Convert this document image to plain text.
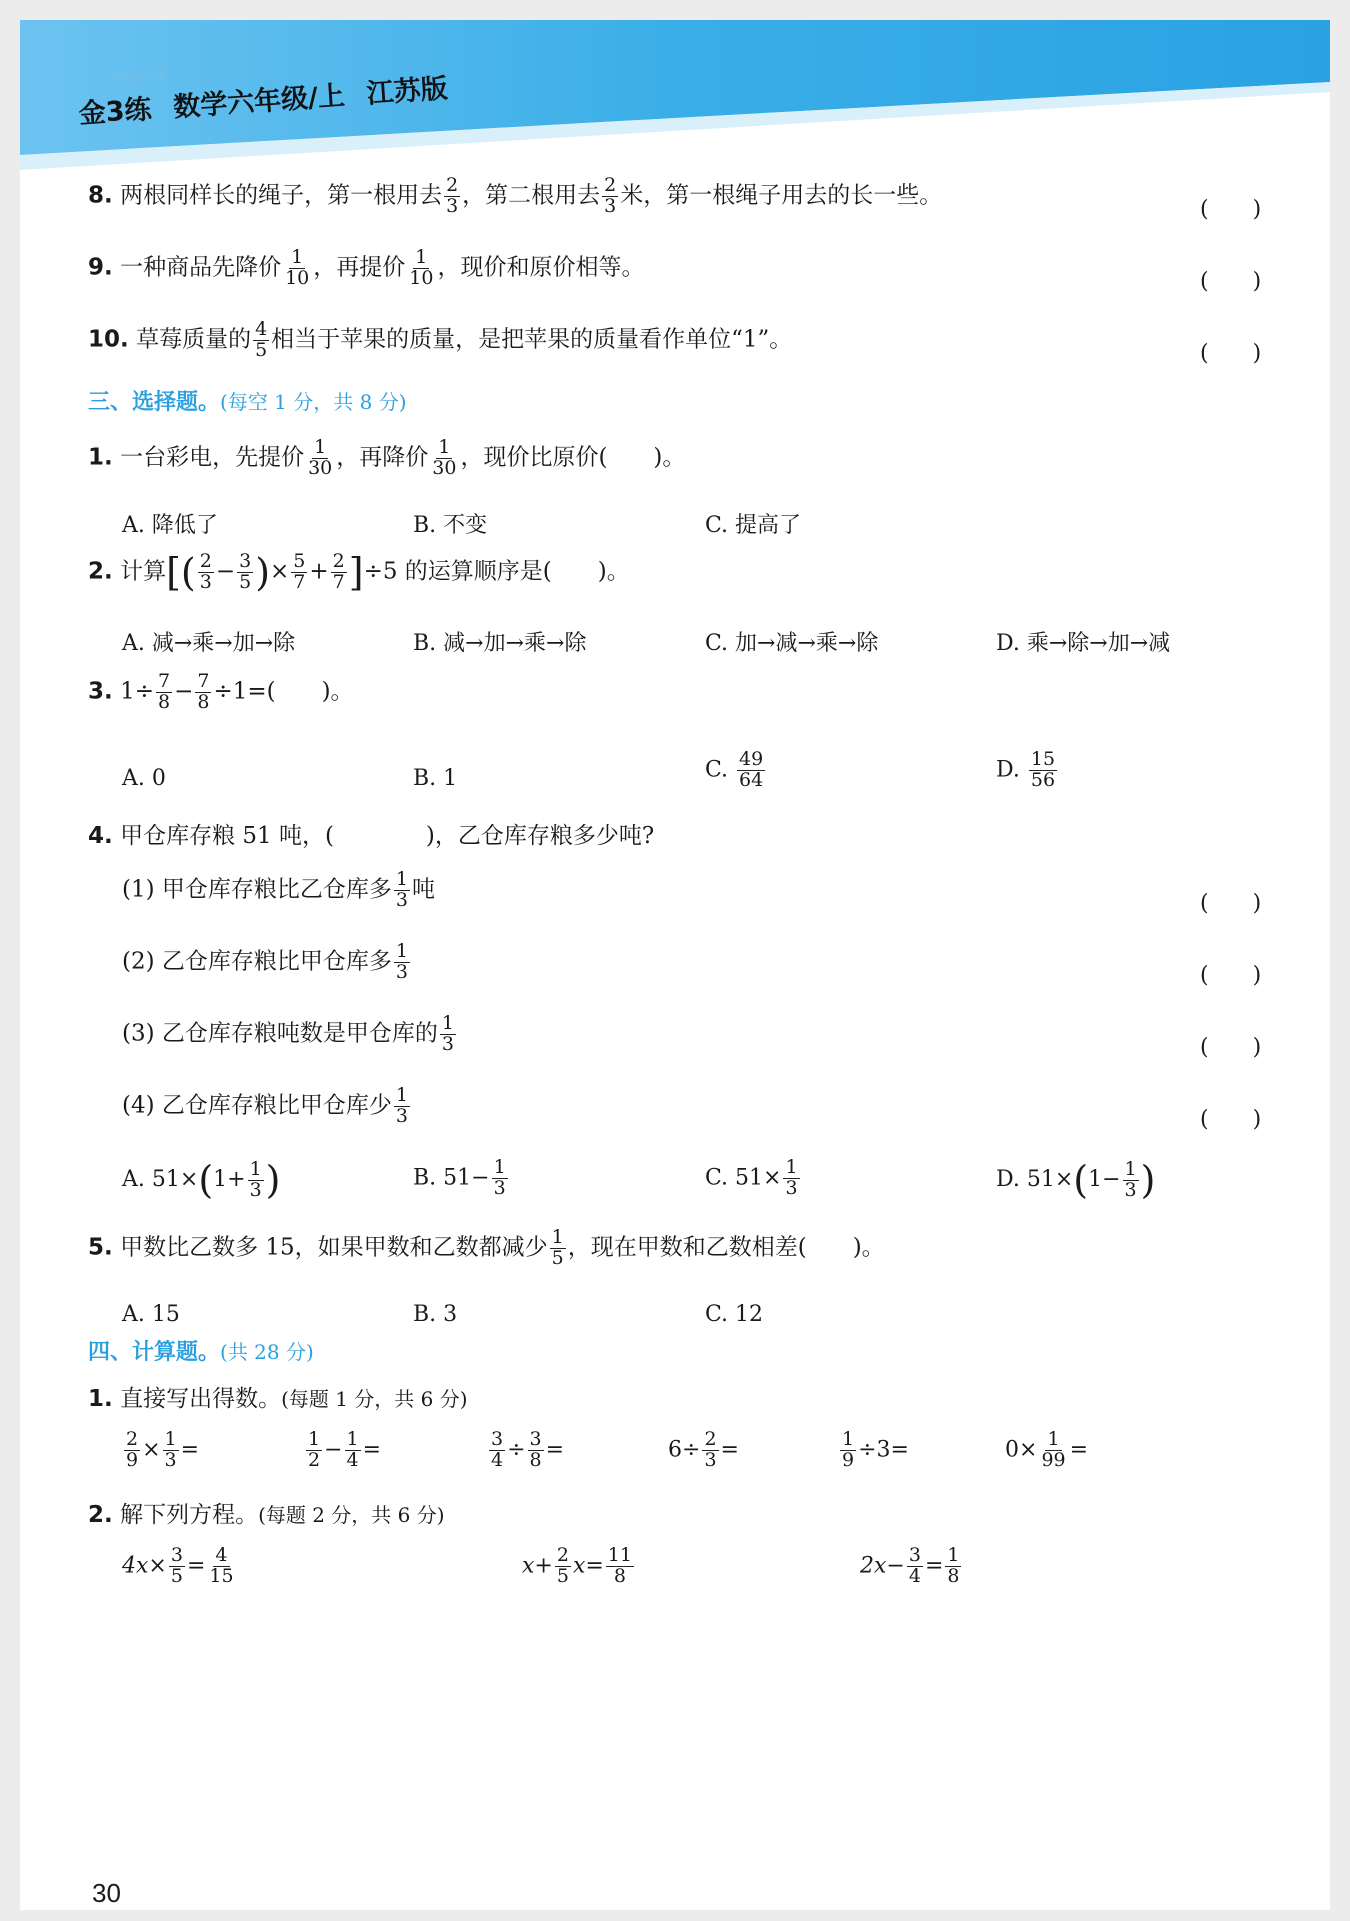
解题提示助
金3练 数学六年级/上 江苏版
8. 两根同样长的绳子，第一根用去 $\frac{2}{3}$ ，第二根用去 $\frac{2}{3}$ 米，第一根绳子用去的长一些。
(　　)
9. 一种商品先降价 $\frac{1}{10}$ ，再提价 $\frac{1}{10}$ ，现价和原价相等。
(　　)
10. 草莓质量的 $\frac{4}{5}$ 相当于苹果的质量，是把苹果的质量看作单位“1”。
(　　)
三、选择题。(每空 1 分，共 8 分)
1. 一台彩电，先提价 $\frac{1}{30}$ ，再降价 $\frac{1}{30}$ ，现价比原价(　　)。
A. 降低了	B. 不变	C. 提高了
2. 计算[( $\frac{2}{3} - \frac{3}{5}$ )× $\frac{5}{7} + \frac{2}{7} ]\div 5$ 的运算顺序是(　　)。
A. 减→乘→加→除	B. 减→加→乘→除	C. 加→减→乘→除	D. 乘→除→加→减
3. $1\div \frac{7}{8} - \frac{7}{8} \div 1=$(　　)。
A. 0	B. 1	C. $\frac{49}{64}$	D. $\frac{15}{56}$
4. 甲仓库存粮 51 吨，(　　　　)，乙仓库存粮多少吨?
(1) 甲仓库存粮比乙仓库多 $\frac{1}{3}$ 吨
(　　)
(2) 乙仓库存粮比甲仓库多 $\frac{1}{3}$	(　　)
(3) 乙仓库存粮吨数是甲仓库的 $\frac{1}{3}$	(　　)
(4) 乙仓库存粮比甲仓库少 $\frac{1}{3}$	(　　)
A. $51\times(1+ \frac{1}{3}$ )	B. $51- \frac{1}{3}$	C. $51\times \frac{1}{3}$	D. $51\times(1- \frac{1}{3}$ )
5. 甲数比乙数多 15，如果甲数和乙数都减少 $\frac{1}{5}$ ，现在甲数和乙数相差(　　)。
A. 15	B. 3	C. 12
四、计算题。(共 28 分)
1. 直接写出得数。(每题 1 分，共 6 分)
$\frac{2}{9} \times \frac{1}{3}$ =	$\frac{1}{2} - \frac{1}{4}$ =	$\frac{3}{4} \div \frac{3}{8}$ =	$6\div \frac{2}{3}$ =	$\frac{1}{9} \div 3=$	$0\times \frac{1}{99}$ =
2. 解下列方程。(每题 2 分，共 6 分)
$4x\times \frac{3}{5} = \frac{4}{15}$	$x+ \frac{2}{5} x= \frac{11}{8}$	$2x- \frac{3}{4} = \frac{1}{8}$
30
